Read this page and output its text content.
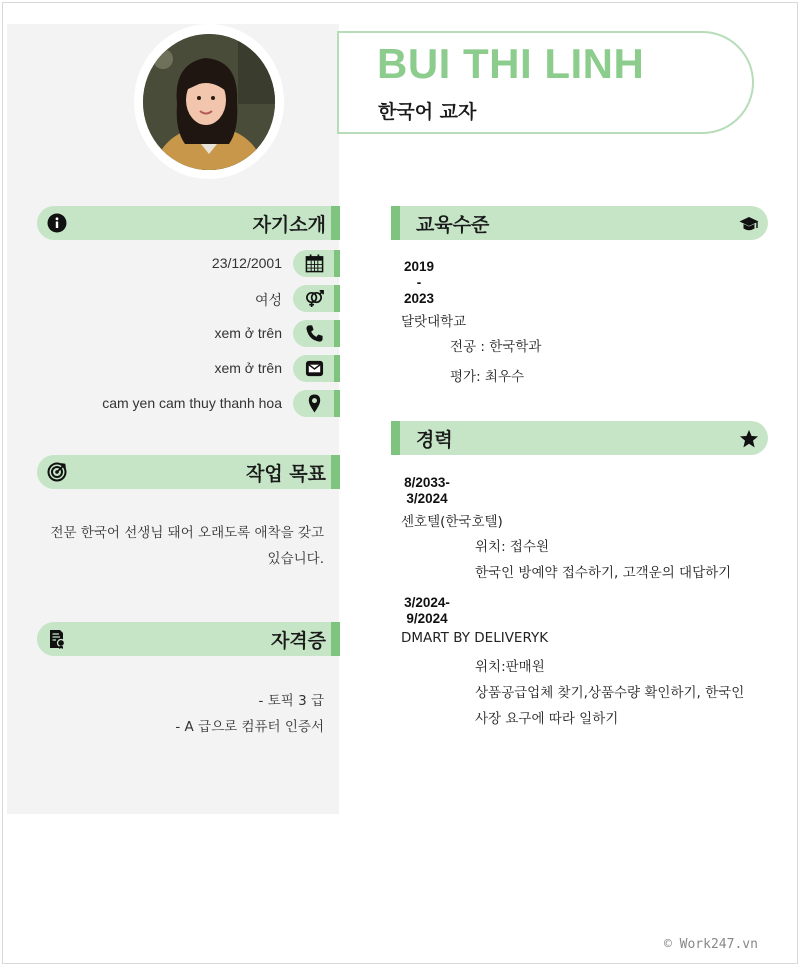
BUI THI LINH
한국어 교자
자기소개
23/12/2001
여성
xem ở trên
xem ở trên
cam yen cam thuy thanh hoa
작업 목표
전문 한국어 선생님 돼어 오래도록 애착을 갖고
있습니다.
자격증
- 토픽 3 급
- A 급으로 컴퓨터 인증서
교육수준
2019
-
2023
달랏대학교
전공 : 한국학과
평가: 최우수
경력
8/2033-
3/2024
센호텔(한국호텔)
위치: 접수원
한국인 방예약 접수하기, 고객운의 대답하기
3/2024-
9/2024
DMART BY DELIVERYK
위치:판매원
상품공급업체 찾기,상품수량 확인하기, 한국인
사장 요구에 따라 일하기
© Work247.vn
